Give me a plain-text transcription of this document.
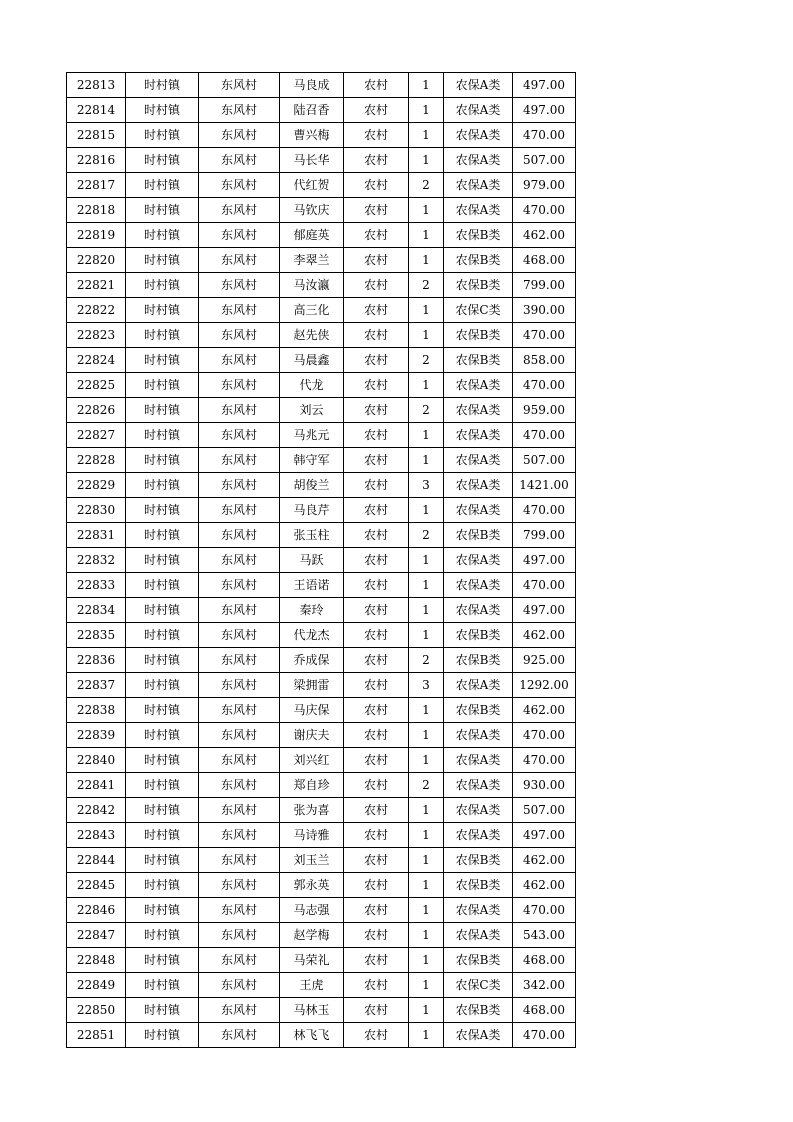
22813	时村镇	东风村	马良成	农村	1	农保A类	497.00
22814	时村镇	东风村	陆召香	农村	1	农保A类	497.00
22815	时村镇	东风村	曹兴梅	农村	1	农保A类	470.00
22816	时村镇	东风村	马长华	农村	1	农保A类	507.00
22817	时村镇	东风村	代红贺	农村	2	农保A类	979.00
22818	时村镇	东风村	马钦庆	农村	1	农保A类	470.00
22819	时村镇	东风村	郁庭英	农村	1	农保B类	462.00
22820	时村镇	东风村	李翠兰	农村	1	农保B类	468.00
22821	时村镇	东风村	马汝瀛	农村	2	农保B类	799.00
22822	时村镇	东风村	高三化	农村	1	农保C类	390.00
22823	时村镇	东风村	赵先侠	农村	1	农保B类	470.00
22824	时村镇	东风村	马晨鑫	农村	2	农保B类	858.00
22825	时村镇	东风村	代龙	农村	1	农保A类	470.00
22826	时村镇	东风村	刘云	农村	2	农保A类	959.00
22827	时村镇	东风村	马兆元	农村	1	农保A类	470.00
22828	时村镇	东风村	韩守军	农村	1	农保A类	507.00
22829	时村镇	东风村	胡俊兰	农村	3	农保A类	1421.00
22830	时村镇	东风村	马良芹	农村	1	农保A类	470.00
22831	时村镇	东风村	张玉柱	农村	2	农保B类	799.00
22832	时村镇	东风村	马跃	农村	1	农保A类	497.00
22833	时村镇	东风村	王语诺	农村	1	农保A类	470.00
22834	时村镇	东风村	秦玲	农村	1	农保A类	497.00
22835	时村镇	东风村	代龙杰	农村	1	农保B类	462.00
22836	时村镇	东风村	乔成保	农村	2	农保B类	925.00
22837	时村镇	东风村	梁拥雷	农村	3	农保A类	1292.00
22838	时村镇	东风村	马庆保	农村	1	农保B类	462.00
22839	时村镇	东风村	谢庆夫	农村	1	农保A类	470.00
22840	时村镇	东风村	刘兴红	农村	1	农保A类	470.00
22841	时村镇	东风村	郑自珍	农村	2	农保A类	930.00
22842	时村镇	东风村	张为喜	农村	1	农保A类	507.00
22843	时村镇	东风村	马诗雅	农村	1	农保A类	497.00
22844	时村镇	东风村	刘玉兰	农村	1	农保B类	462.00
22845	时村镇	东风村	郭永英	农村	1	农保B类	462.00
22846	时村镇	东风村	马志强	农村	1	农保A类	470.00
22847	时村镇	东风村	赵学梅	农村	1	农保A类	543.00
22848	时村镇	东风村	马荣礼	农村	1	农保B类	468.00
22849	时村镇	东风村	王虎	农村	1	农保C类	342.00
22850	时村镇	东风村	马林玉	农村	1	农保B类	468.00
22851	时村镇	东风村	林飞飞	农村	1	农保A类	470.00
